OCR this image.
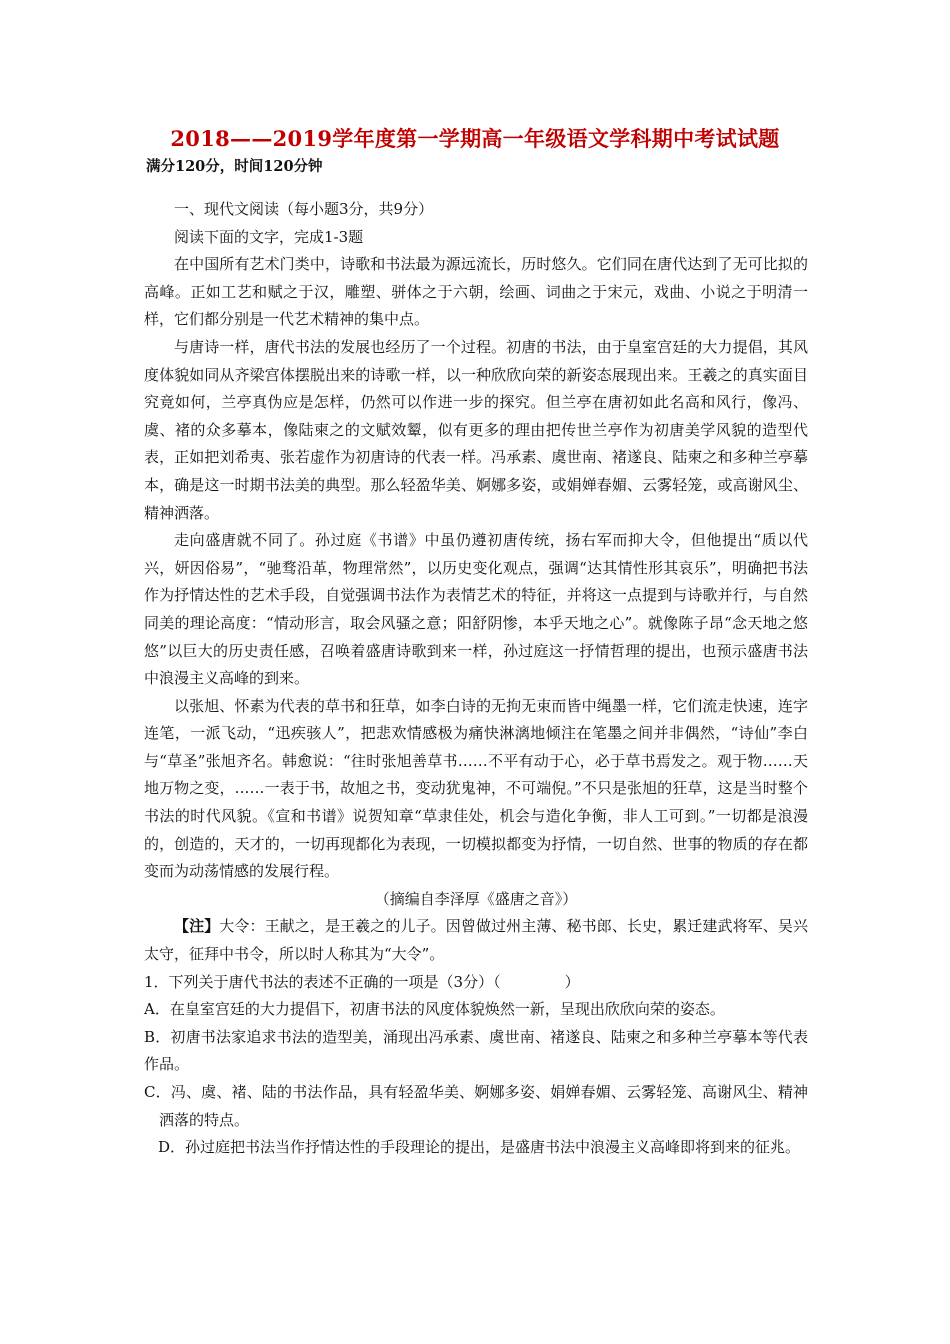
2018——2019学年度第一学期高一年级语文学科期中考试试题
满分120分，时间120分钟

一、现代文阅读（每小题3分，共9分）

阅读下面的文字，完成1-3题

在中国所有艺术门类中，诗歌和书法最为源远流长，历时悠久。它们同在唐代达到了无可比拟的高峰。正如工艺和赋之于汉，雕塑、骈体之于六朝，绘画、词曲之于宋元，戏曲、小说之于明清一样，它们都分别是一代艺术精神的集中点。

与唐诗一样，唐代书法的发展也经历了一个过程。初唐的书法，由于皇室宫廷的大力提倡，其风度体貌如同从齐梁宫体摆脱出来的诗歌一样，以一种欣欣向荣的新姿态展现出来。王羲之的真实面目究竟如何，兰亭真伪应是怎样，仍然可以作进一步的探究。但兰亭在唐初如此名高和风行，像冯、虞、褚的众多摹本，像陆柬之的文赋效颦，似有更多的理由把传世兰亭作为初唐美学风貌的造型代表，正如把刘希夷、张若虚作为初唐诗的代表一样。冯承素、虞世南、褚遂良、陆柬之和多种兰亭摹本，确是这一时期书法美的典型。那么轻盈华美、婀娜多姿，或娟婵春媚、云雾轻笼，或高谢风尘、精神洒落。

走向盛唐就不同了。孙过庭《书谱》中虽仍遵初唐传统，扬右军而抑大令，但他提出“质以代兴，妍因俗易”，“驰骛沿革，物理常然”，以历史变化观点，强调“达其情性形其哀乐”，明确把书法作为抒情达性的艺术手段，自觉强调书法作为表情艺术的特征，并将这一点提到与诗歌并行，与自然同美的理论高度：“情动形言，取会风骚之意；阳舒阴惨，本乎天地之心”。就像陈子昂“念天地之悠悠”以巨大的历史责任感，召唤着盛唐诗歌到来一样，孙过庭这一抒情哲理的提出，也预示盛唐书法中浪漫主义高峰的到来。

以张旭、怀素为代表的草书和狂草，如李白诗的无拘无束而皆中绳墨一样，它们流走快速，连字连笔，一派飞动，“迅疾骇人”，把悲欢情感极为痛快淋漓地倾注在笔墨之间并非偶然，“诗仙”李白与“草圣”张旭齐名。韩愈说：“往时张旭善草书……不平有动于心，必于草书焉发之。观于物……天地万物之变，……一表于书，故旭之书，变动犹鬼神，不可端倪。”不只是张旭的狂草，这是当时整个书法的时代风貌。《宣和书谱》说贺知章“草隶佳处，机会与造化争衡，非人工可到。”一切都是浪漫的，创造的，天才的，一切再现都化为表现，一切模拟都变为抒情，一切自然、世事的物质的存在都变而为动荡情感的发展行程。

（摘编自李泽厚《盛唐之音》）

【注】大令：王献之，是王羲之的儿子。因曾做过州主薄、秘书郎、长史，累迁建武将军、吴兴太守，征拜中书令，所以时人称其为“大令”。

1．下列关于唐代书法的表述不正确的一项是（3分）（	）

A．在皇室宫廷的大力提倡下，初唐书法的风度体貌焕然一新，呈现出欣欣向荣的姿态。

B．初唐书法家追求书法的造型美，涌现出冯承素、虞世南、褚遂良、陆柬之和多种兰亭摹本等代表作品。

C．冯、虞、褚、陆的书法作品，具有轻盈华美、婀娜多姿、娟婵春媚、云雾轻笼、高谢风尘、精神洒落的特点。

D．孙过庭把书法当作抒情达性的手段理论的提出，是盛唐书法中浪漫主义高峰即将到来的征兆。
